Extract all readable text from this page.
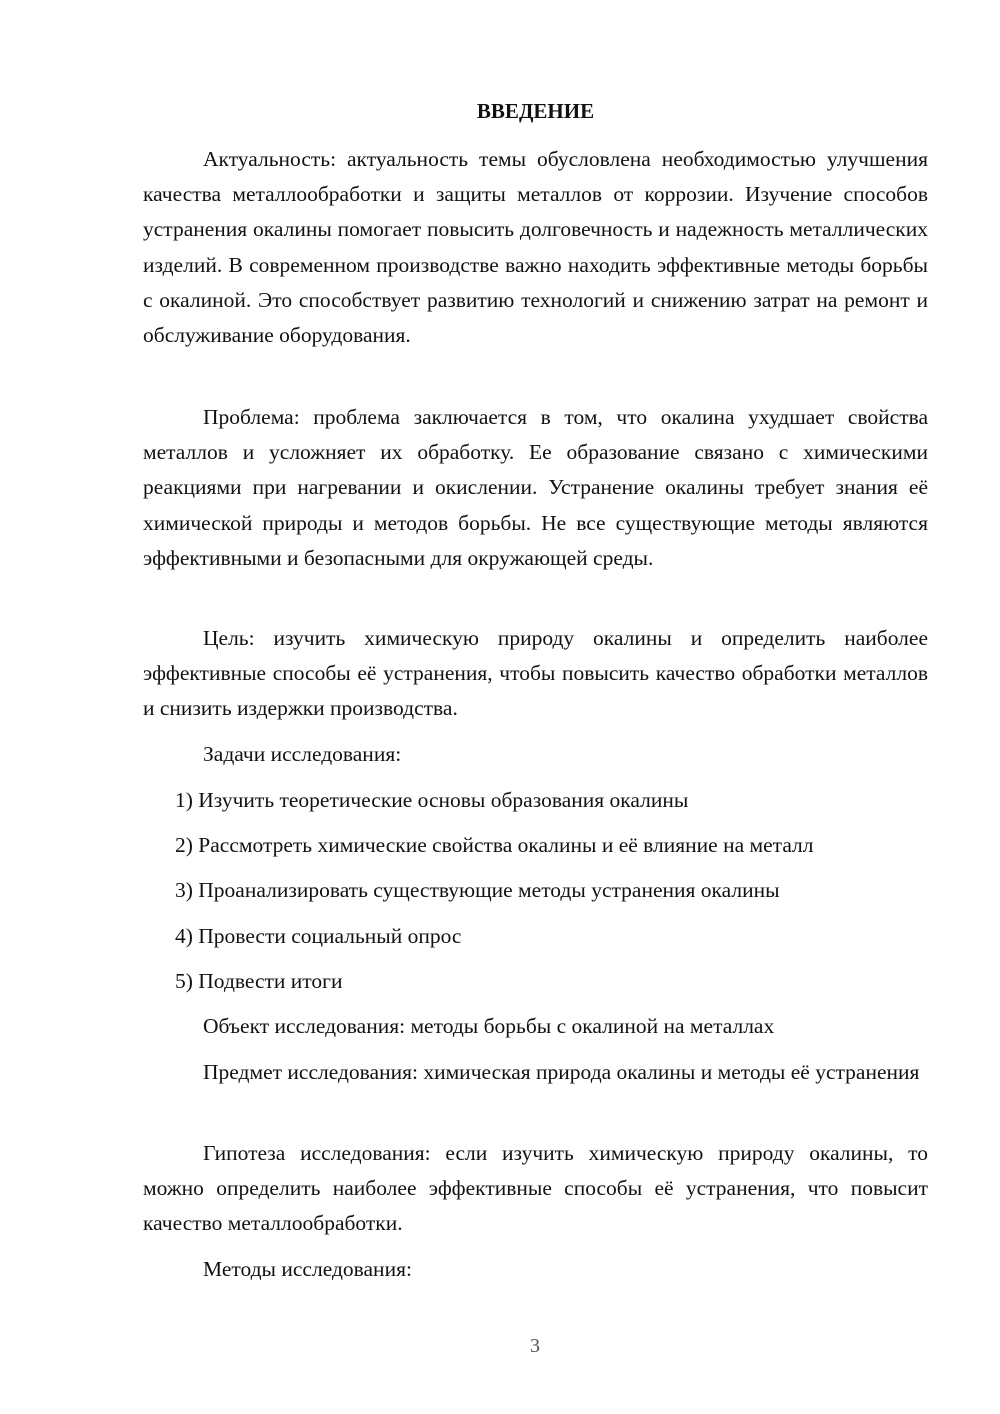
ВВЕДЕНИЕ

Актуальность: актуальность темы обусловлена необходимостью улучшения качества металлообработки и защиты металлов от коррозии. Изучение способов устранения окалины помогает повысить долговечность и надежность металлических изделий. В современном производстве важно находить эффективные методы борьбы с окалиной. Это способствует развитию технологий и снижению затрат на ремонт и обслуживание оборудования.

Проблема: проблема заключается в том, что окалина ухудшает свойства металлов и усложняет их обработку. Ее образование связано с химическими реакциями при нагревании и окислении. Устранение окалины требует знания её химической природы и методов борьбы. Не все существующие методы являются эффективными и безопасными для окружающей среды.

Цель: изучить химическую природу окалины и определить наиболее эффективные способы её устранения, чтобы повысить качество обработки металлов и снизить издержки производства.

Задачи исследования:

1) Изучить теоретические основы образования окалины

2) Рассмотреть химические свойства окалины и её влияние на металл

3) Проанализировать существующие методы устранения окалины

4) Провести социальный опрос

5) Подвести итоги

Объект исследования: методы борьбы с окалиной на металлах

Предмет исследования: химическая природа окалины и методы её устранения

Гипотеза исследования: если изучить химическую природу окалины, то можно определить наиболее эффективные способы её устранения, что повысит качество металлообработки.

Методы исследования:

3
